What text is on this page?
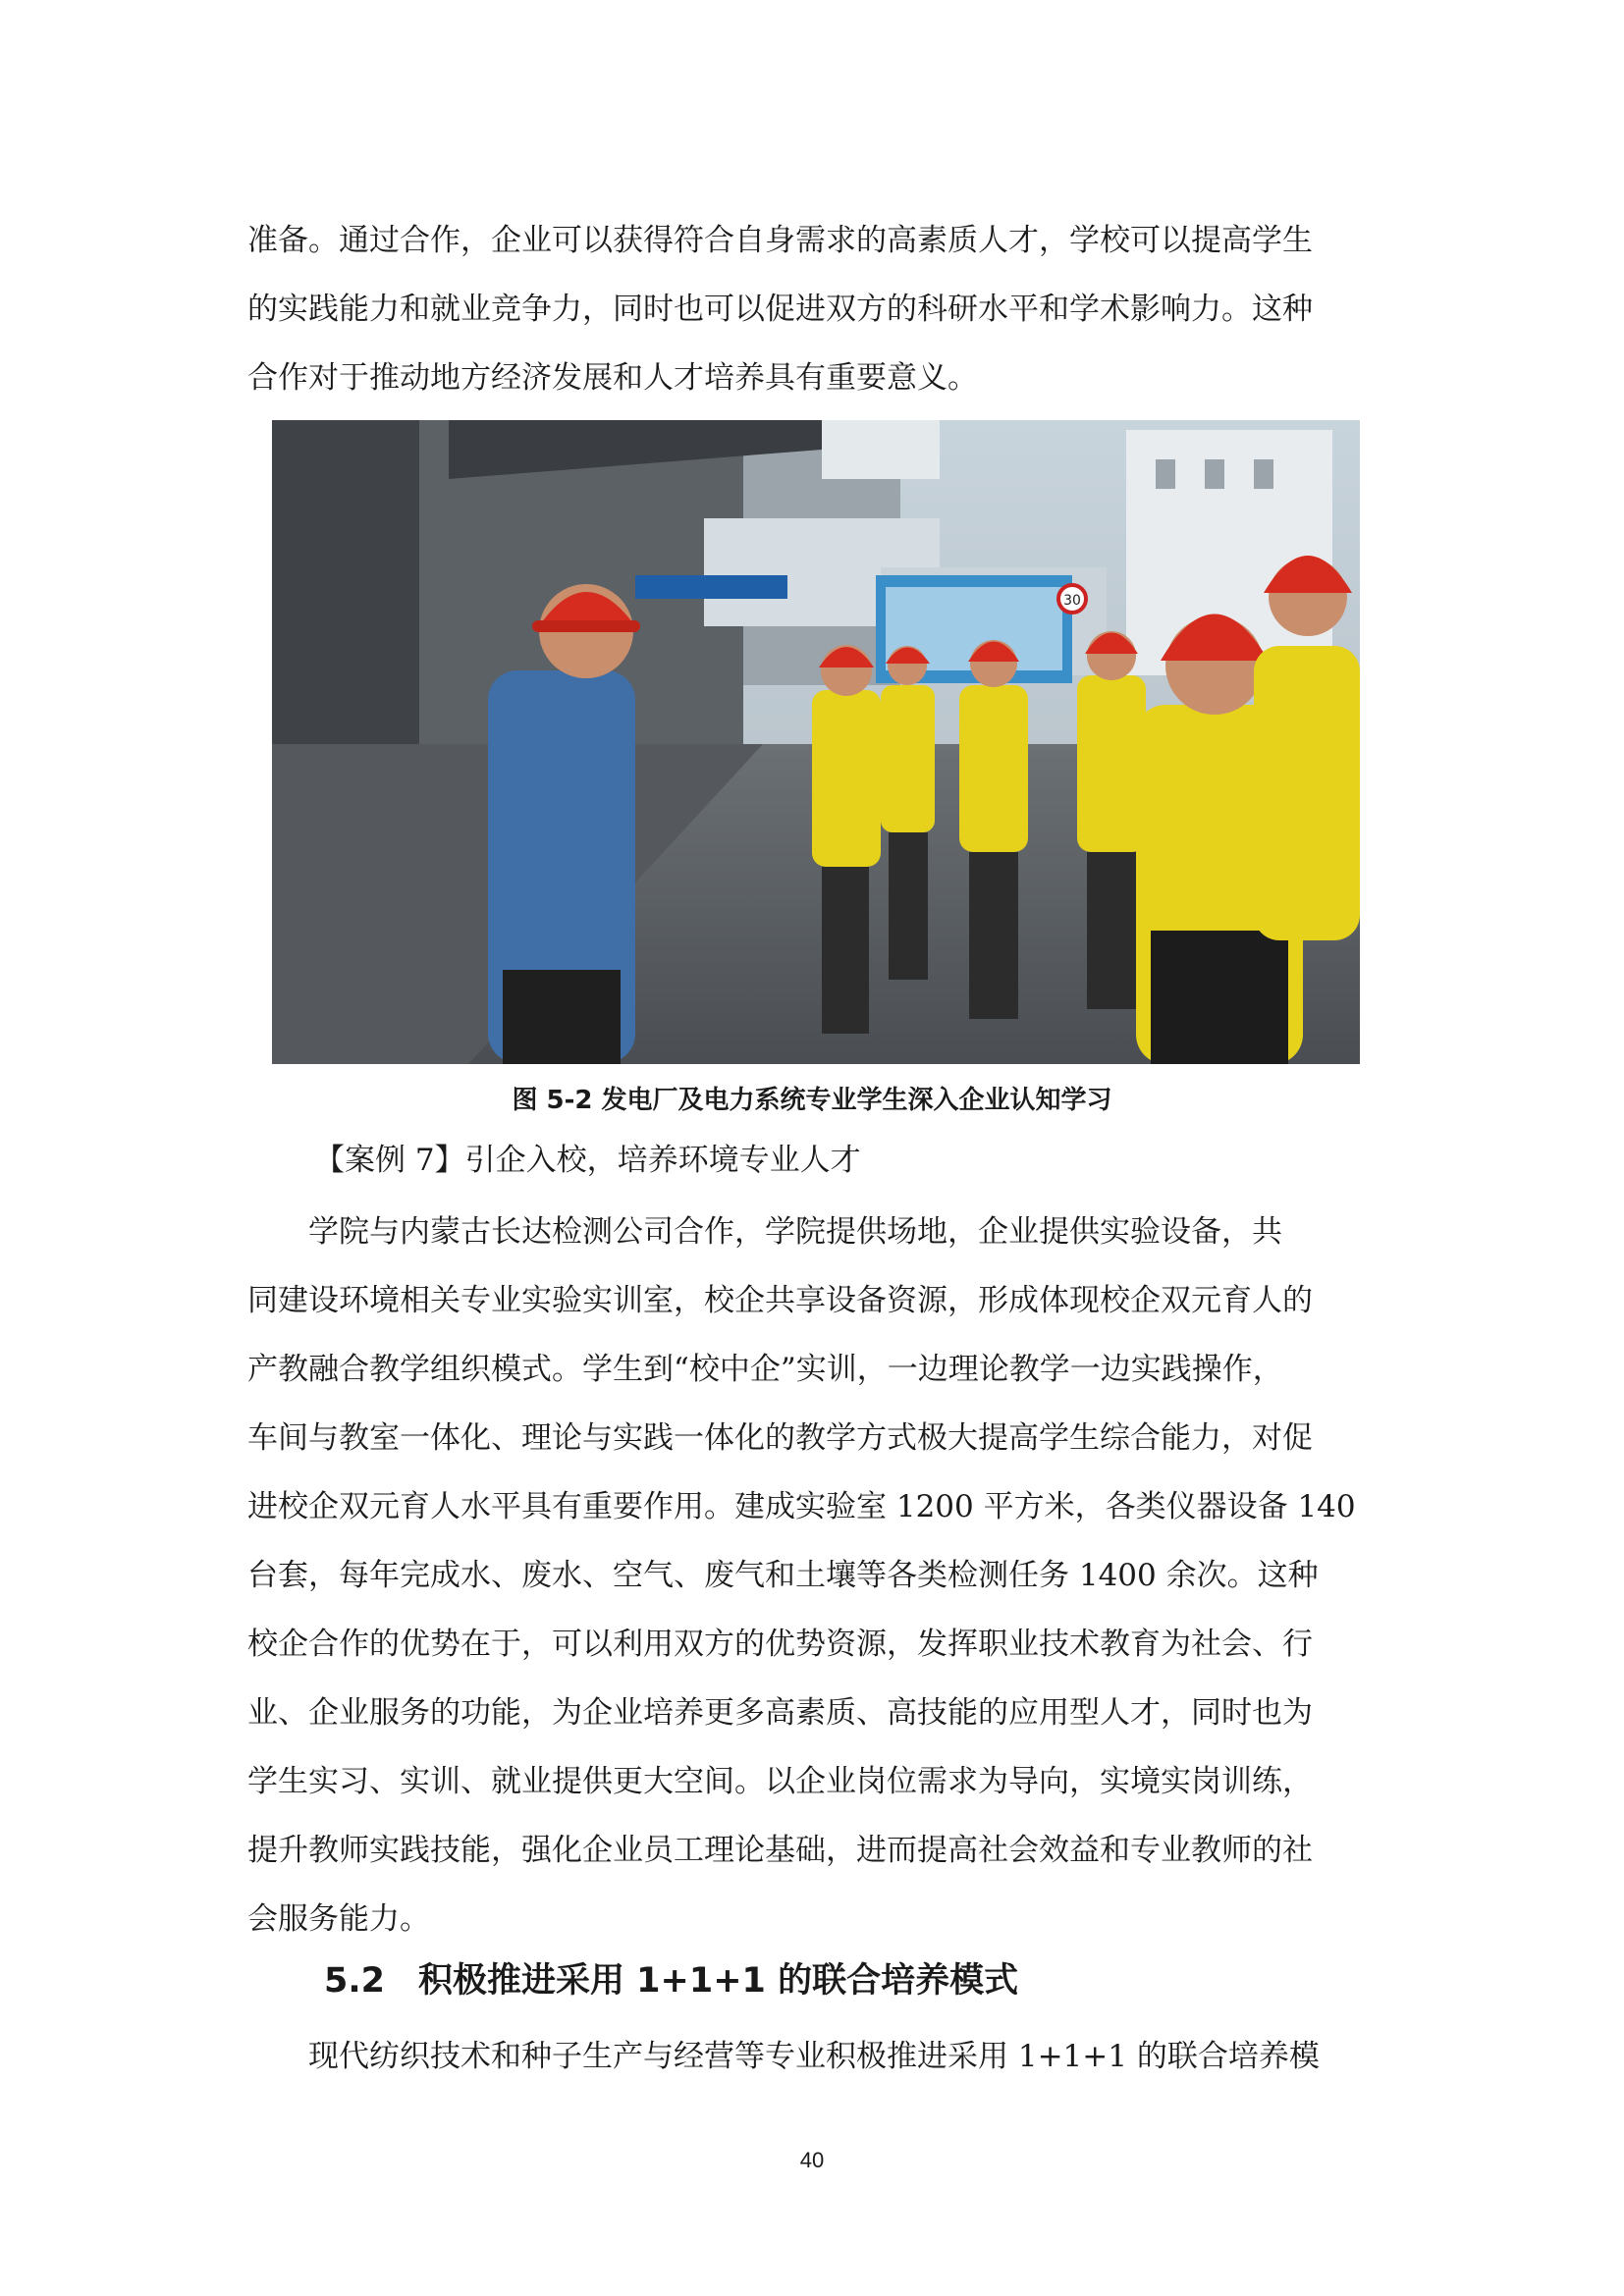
准备。通过合作，企业可以获得符合自身需求的高素质人才，学校可以提高学生
的实践能力和就业竞争力，同时也可以促进双方的科研水平和学术影响力。这种
合作对于推动地方经济发展和人才培养具有重要意义。
30
图 5-2 发电厂及电力系统专业学生深入企业认知学习
【案例 7】引企入校，培养环境专业人才
学院与内蒙古长达检测公司合作，学院提供场地，企业提供实验设备，共
同建设环境相关专业实验实训室，校企共享设备资源，形成体现校企双元育人的
产教融合教学组织模式。学生到“校中企”实训，一边理论教学一边实践操作，
车间与教室一体化、理论与实践一体化的教学方式极大提高学生综合能力，对促
进校企双元育人水平具有重要作用。建成实验室 1200 平方米，各类仪器设备 140
台套，每年完成水、废水、空气、废气和土壤等各类检测任务 1400 余次。这种
校企合作的优势在于，可以利用双方的优势资源，发挥职业技术教育为社会、行
业、企业服务的功能，为企业培养更多高素质、高技能的应用型人才，同时也为
学生实习、实训、就业提供更大空间。以企业岗位需求为导向，实境实岗训练，
提升教师实践技能，强化企业员工理论基础，进而提高社会效益和专业教师的社
会服务能力。
5.2 积极推进采用 1+1+1 的联合培养模式
现代纺织技术和种子生产与经营等专业积极推进采用 1+1+1 的联合培养模
40
